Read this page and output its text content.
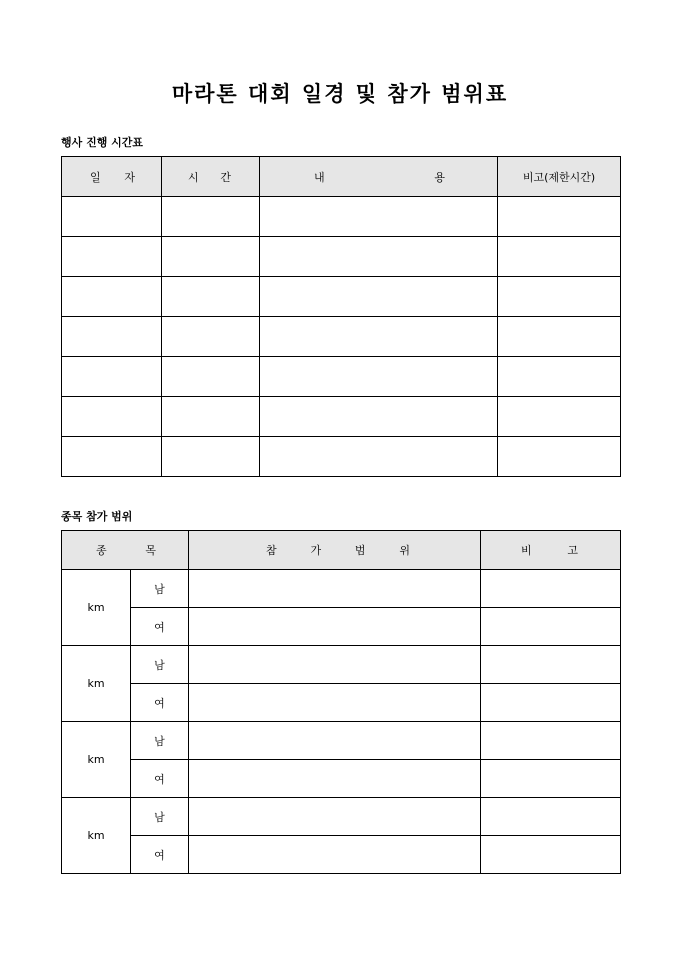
마라톤 대회 일경 및 참가 범위표
행사 진행 시간표
일 자	시 간	내 용	비고(제한시간)

종목 참가 범위
종 목		참 가 범 위	비 고

km	남		
	여		
km	남		
	여		
km	남		
	여		
km	남		
	여		
